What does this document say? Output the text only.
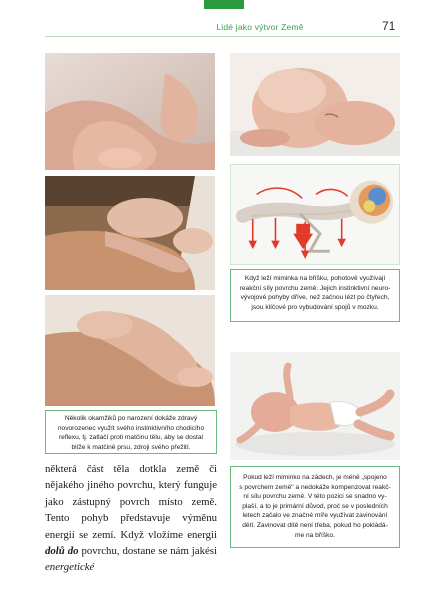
Lidé jako výtvor Země	71
Když leží miminka na bříšku, pohotově využívají
reakční síly povrchu země. Jejich instinktivní neuro-
vývojové pohyby dříve, než začnou lézt po čtyřech,
jsou klíčové pro vybudování spojů v mozku.
Několik okamžiků po narození dokáže zdravý
novorozenec využít svého instinktivního chodicího
reflexu, tj. zatlačí proti matčinu tělu, aby se dostal
blíže k matčině prsu, zdroji svého přežití.
Pokud leží miminko na zádech, je méně „spojeno
s povrchem země" a nedokáže kompenzovat reakč-
ní sílu povrchu země. V této pozici se snadno vy-
plaší, a to je primární důvod, proč se v posledních
letech začalo ve značné míře využívat zavinování
dětí. Zavinovat dítě není třeba, pokud ho pokládá-
me na bříško.
některá část těla dotkla země či nějakého jiného povrchu, který funguje jako zástupný povrch místo země. Tento pohyb představuje výměnu energií se zemí. Když vložíme energii dolů do povrchu, dostane se nám jakési energetické
